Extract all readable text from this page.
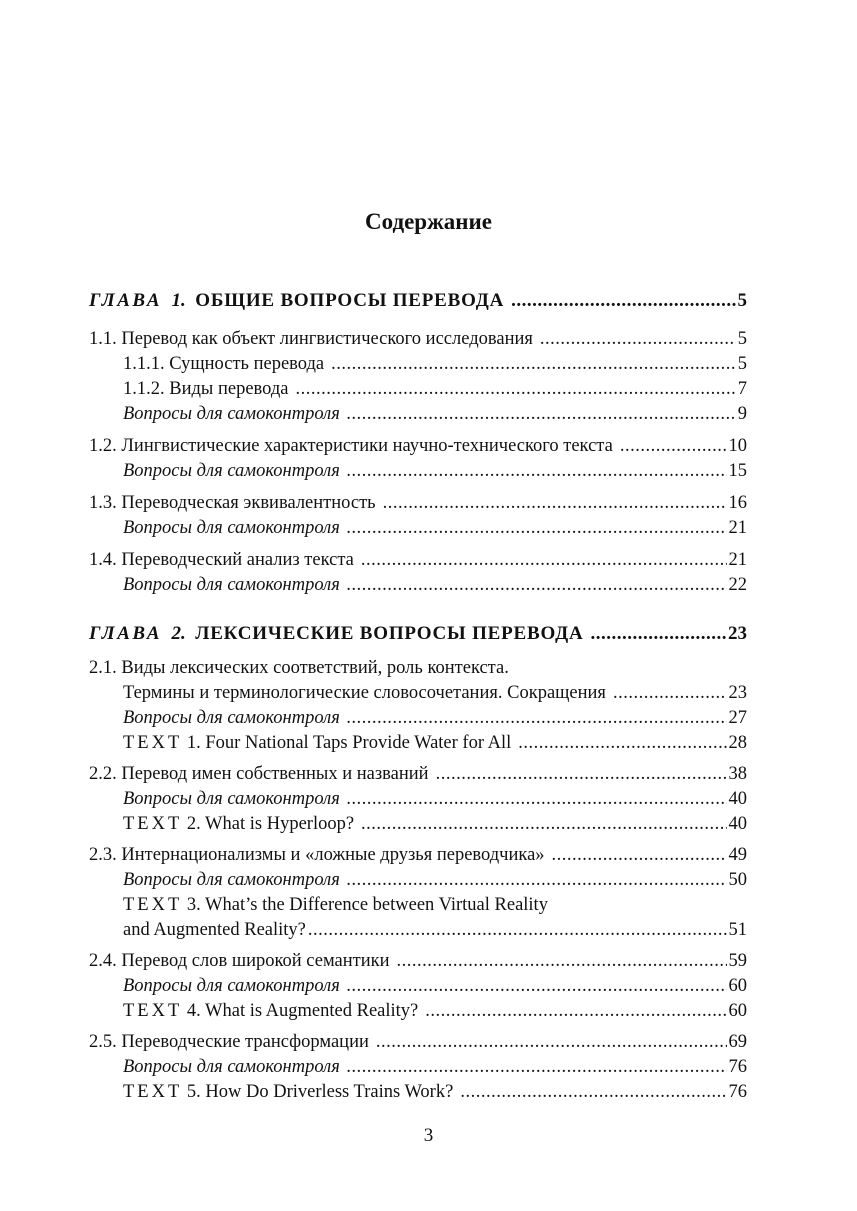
Содержание
ГЛАВА 1. ОБЩИЕ ВОПРОСЫ ПЕРЕВОДА .....	5
1.1. Перевод как объект лингвистического исследования .....	5
1.1.1. Сущность перевода .....	5
1.1.2. Виды перевода .....	7
Вопросы для самоконтроля .....	9
1.2. Лингвистические характеристики научно-технического текста .....	10
Вопросы для самоконтроля .....	15
1.3. Переводческая эквивалентность .....	16
Вопросы для самоконтроля .....	21
1.4. Переводческий анализ текста .....	21
Вопросы для самоконтроля .....	22
ГЛАВА 2. ЛЕКСИЧЕСКИЕ ВОПРОСЫ ПЕРЕВОДА .....	23
2.1. Виды лексических соответствий, роль контекста.
Термины и терминологические словосочетания. Сокращения .....	23
Вопросы для самоконтроля .....	27
TEXT 1. Four National Taps Provide Water for All .....	28
2.2. Перевод имен собственных и названий .....	38
Вопросы для самоконтроля .....	40
TEXT 2. What is Hyperloop? .....	40
2.3. Интернационализмы и «ложные друзья переводчика» .....	49
Вопросы для самоконтроля .....	50
TEXT 3. What’s the Difference between Virtual Reality
and Augmented Reality? .....	51
2.4. Перевод слов широкой семантики .....	59
Вопросы для самоконтроля .....	60
TEXT 4. What is Augmented Reality? .....	60
2.5. Переводческие трансформации .....	69
Вопросы для самоконтроля .....	76
TEXT 5. How Do Driverless Trains Work? .....	76
3
